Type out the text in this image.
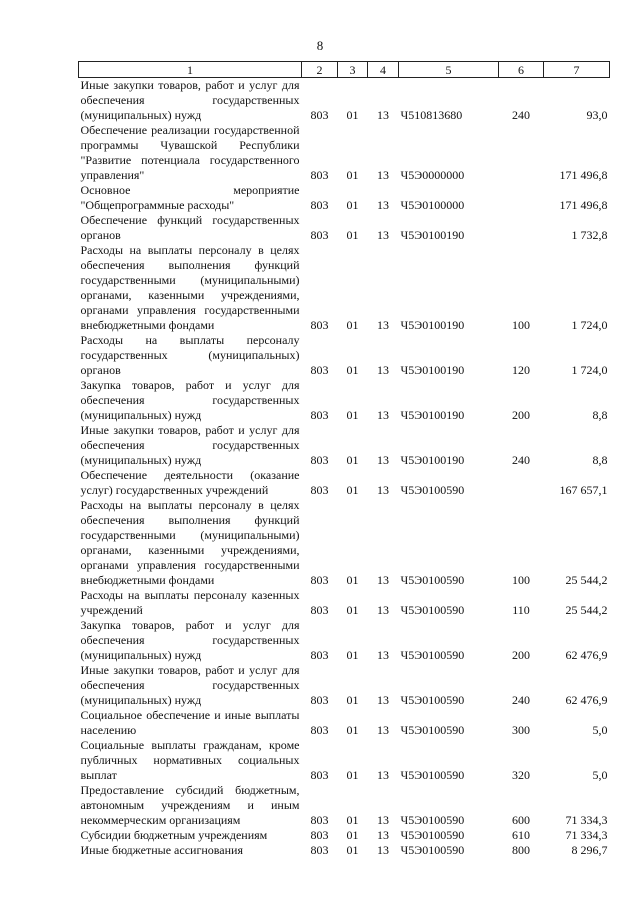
8
1	2	3	4	5	6	7
Иные закупки товаров, работ и услуг для обеспечения государственных (муниципальных) нужд	803	01	13	Ч510813680	240	93,0
Обеспечение реализации государственной программы Чувашской Республики "Развитие потенциала государственного управления"	803	01	13	Ч5Э0000000		171 496,8
Основное мероприятие "Общепрограммные расходы"	803	01	13	Ч5Э0100000		171 496,8
Обеспечение функций государственных органов	803	01	13	Ч5Э0100190		1 732,8
Расходы на выплаты персоналу в целях обеспечения выполнения функций государственными (муниципальными) органами, казенными учреждениями, органами управления государственными внебюджетными фондами	803	01	13	Ч5Э0100190	100	1 724,0
Расходы на выплаты персоналу государственных (муниципальных) органов	803	01	13	Ч5Э0100190	120	1 724,0
Закупка товаров, работ и услуг для обеспечения государственных (муниципальных) нужд	803	01	13	Ч5Э0100190	200	8,8
Иные закупки товаров, работ и услуг для обеспечения государственных (муниципальных) нужд	803	01	13	Ч5Э0100190	240	8,8
Обеспечение деятельности (оказание услуг) государственных учреждений	803	01	13	Ч5Э0100590		167 657,1
Расходы на выплаты персоналу в целях обеспечения выполнения функций государственными (муниципальными) органами, казенными учреждениями, органами управления государственными внебюджетными фондами	803	01	13	Ч5Э0100590	100	25 544,2
Расходы на выплаты персоналу казенных учреждений	803	01	13	Ч5Э0100590	110	25 544,2
Закупка товаров, работ и услуг для обеспечения государственных (муниципальных) нужд	803	01	13	Ч5Э0100590	200	62 476,9
Иные закупки товаров, работ и услуг для обеспечения государственных (муниципальных) нужд	803	01	13	Ч5Э0100590	240	62 476,9
Социальное обеспечение и иные выплаты населению	803	01	13	Ч5Э0100590	300	5,0
Социальные выплаты гражданам, кроме публичных нормативных социальных выплат	803	01	13	Ч5Э0100590	320	5,0
Предоставление субсидий бюджетным, автономным учреждениям и иным некоммерческим организациям	803	01	13	Ч5Э0100590	600	71 334,3
Субсидии бюджетным учреждениям	803	01	13	Ч5Э0100590	610	71 334,3
Иные бюджетные ассигнования	803	01	13	Ч5Э0100590	800	8 296,7
